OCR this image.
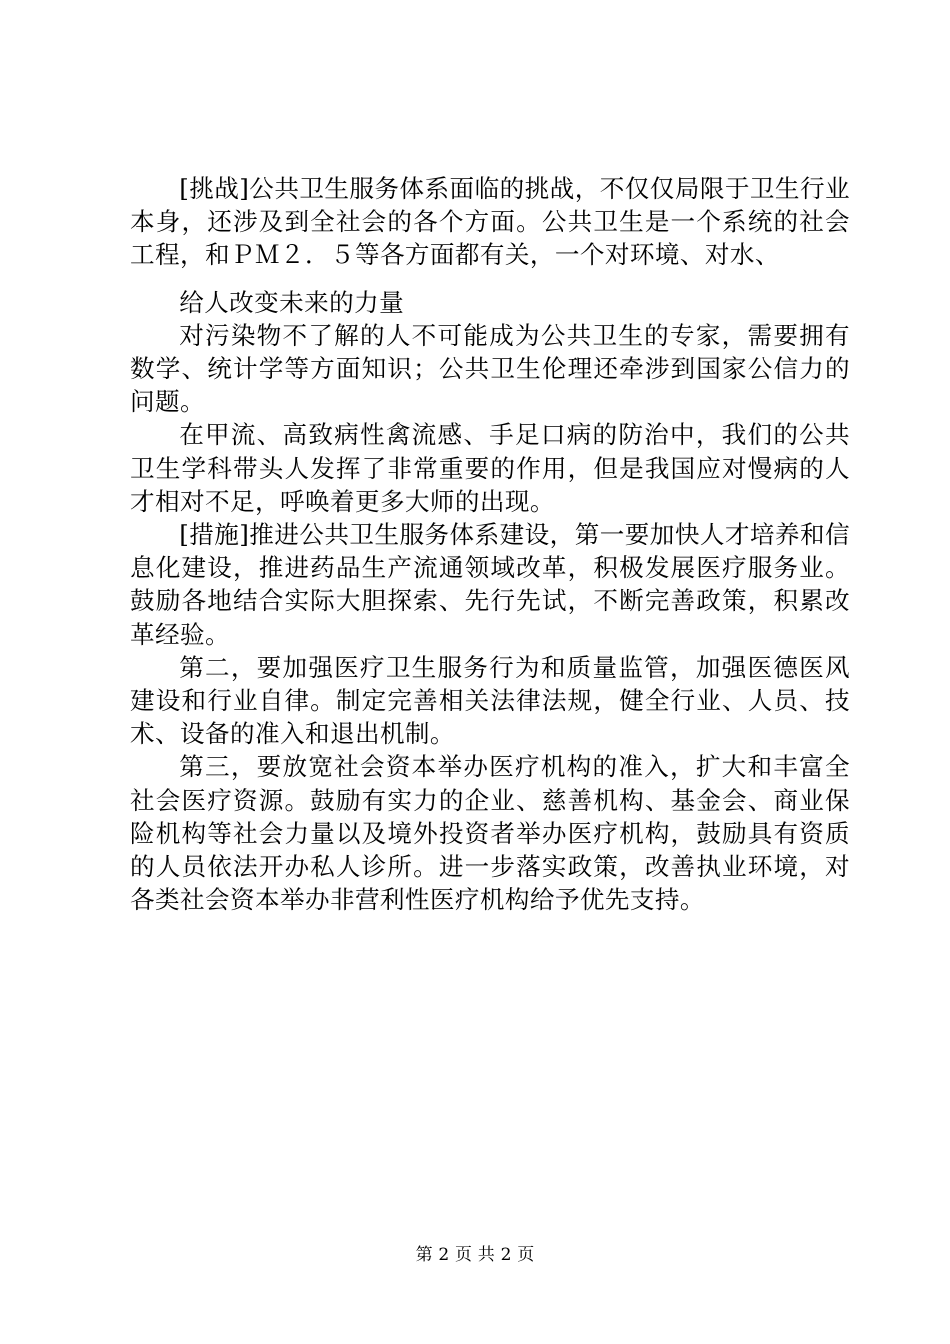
[挑战]公共卫生服务体系面临的挑战，不仅仅局限于卫生行业本身，还涉及到全社会的各个方面。公共卫生是一个系统的社会工程，和ＰＭ２．５等各方面都有关，一个对环境、对水、

给人改变未来的力量

对污染物不了解的人不可能成为公共卫生的专家，需要拥有数学、统计学等方面知识；公共卫生伦理还牵涉到国家公信力的问题。

在甲流、高致病性禽流感、手足口病的防治中，我们的公共卫生学科带头人发挥了非常重要的作用，但是我国应对慢病的人才相对不足，呼唤着更多大师的出现。

[措施]推进公共卫生服务体系建设，第一要加快人才培养和信息化建设，推进药品生产流通领域改革，积极发展医疗服务业。鼓励各地结合实际大胆探索、先行先试，不断完善政策，积累改革经验。

第二，要加强医疗卫生服务行为和质量监管，加强医德医风建设和行业自律。制定完善相关法律法规，健全行业、人员、技术、设备的准入和退出机制。

第三，要放宽社会资本举办医疗机构的准入，扩大和丰富全社会医疗资源。鼓励有实力的企业、慈善机构、基金会、商业保险机构等社会力量以及境外投资者举办医疗机构，鼓励具有资质的人员依法开办私人诊所。进一步落实政策，改善执业环境，对各类社会资本举办非营利性医疗机构给予优先支持。

第 2 页 共 2 页
